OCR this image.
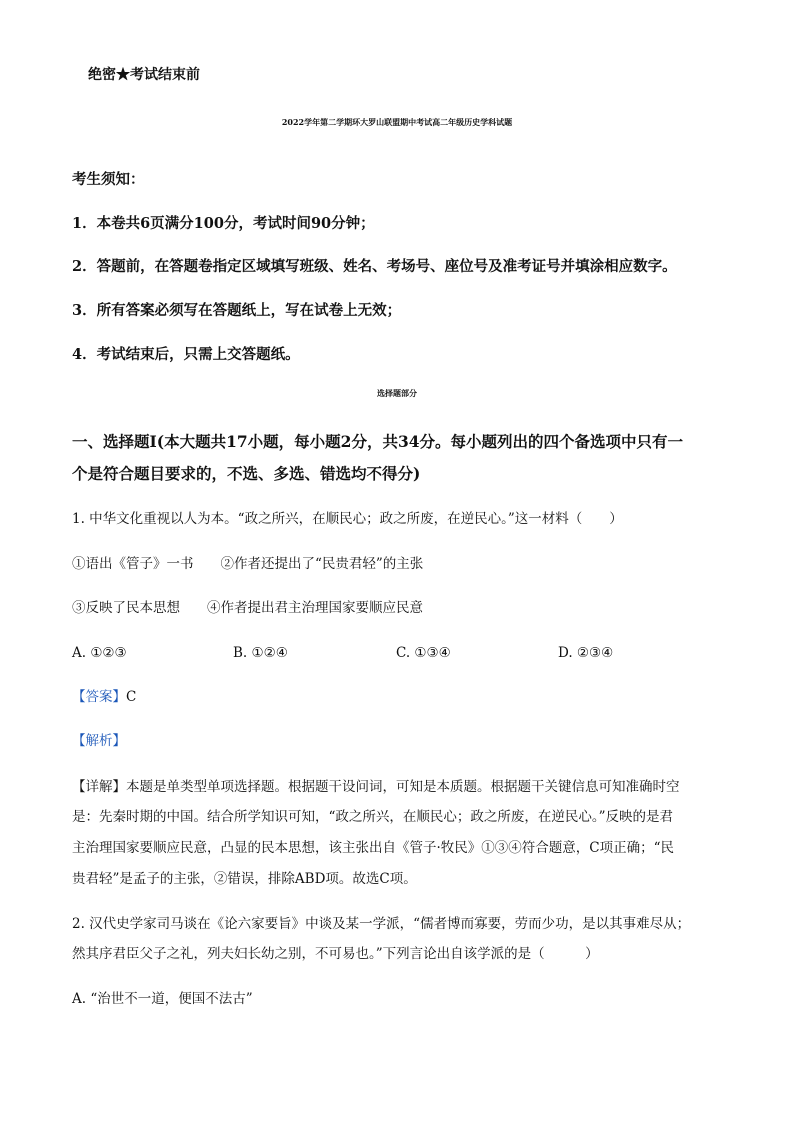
绝密★考试结束前
2022学年第二学期环大罗山联盟期中考试高二年级历史学科试题
考生须知：
1．本卷共6页满分100分，考试时间90分钟；
2．答题前，在答题卷指定区域填写班级、姓名、考场号、座位号及准考证号并填涂相应数字。
3．所有答案必须写在答题纸上，写在试卷上无效；
4．考试结束后，只需上交答题纸。
选择题部分
一、选择题Ⅰ(本大题共17小题，每小题2分，共34分。每小题列出的四个备选项中只有一
个是符合题目要求的，不选、多选、错选均不得分)
1. 中华文化重视以人为本。“政之所兴，在顺民心；政之所废，在逆民心。”这一材料（　　）
①语出《管子》一书　　②作者还提出了“民贵君轻”的主张
③反映了民本思想　　④作者提出君主治理国家要顺应民意
A. ①②③	B. ①②④	C. ①③④	D. ②③④
【答案】C
【解析】
【详解】本题是单类型单项选择题。根据题干设问词，可知是本质题。根据题干关键信息可知准确时空
是：先秦时期的中国。结合所学知识可知，“政之所兴，在顺民心；政之所废，在逆民心。”反映的是君
主治理国家要顺应民意，凸显的民本思想，该主张出自《管子·牧民》①③④符合题意，C项正确；“民
贵君轻”是孟子的主张，②错误，排除ABD项。故选C项。
2. 汉代史学家司马谈在《论六家要旨》中谈及某一学派，“儒者博而寡要，劳而少功，是以其事难尽从；
然其序君臣父子之礼，列夫妇长幼之别，不可易也。”下列言论出自该学派的是（　　　）
A. “治世不一道，便国不法古”
